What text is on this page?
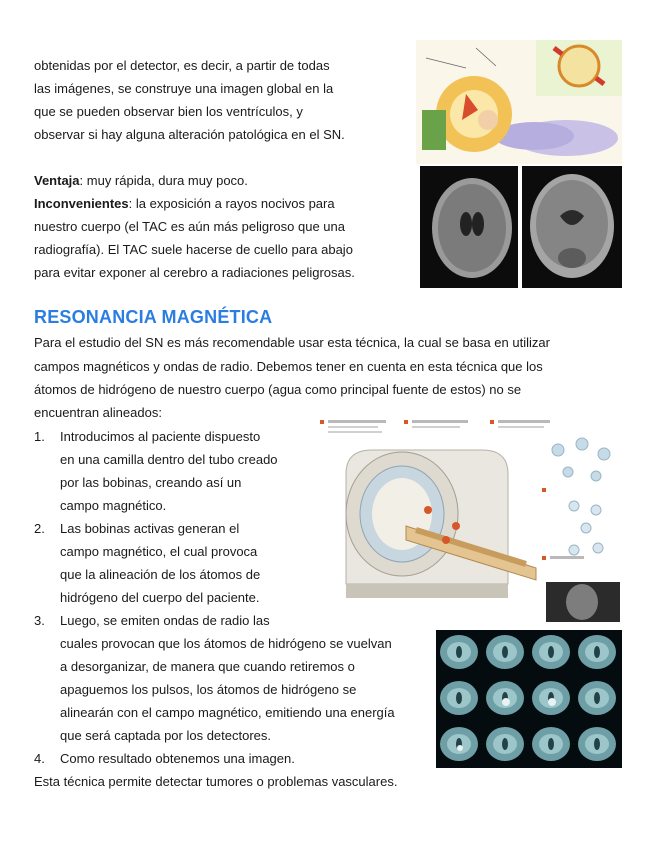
obtenidas por el detector, es decir, a partir de todas

las imágenes, se construye una imagen global en la

que se pueden observar bien los ventrículos, y

observar si hay alguna alteración patológica en el SN.

Ventaja: muy rápida, dura muy poco.

Inconvenientes: la exposición a rayos nocivos para

nuestro cuerpo (el TAC es aún más peligroso que una

radiografía). El TAC suele hacerse de cuello para abajo

para evitar exponer al cerebro a radiaciones peligrosas.

RESONANCIA MAGNÉTICA

Para el estudio del SN es más recomendable usar esta técnica, la cual se basa en utilizar

campos magnéticos y ondas de radio. Debemos tener en cuenta en esta técnica que los

átomos de hidrógeno de nuestro cuerpo (agua como principal fuente de estos) no se

encuentran alineados:

1. Introducimos al paciente dispuesto
en una camilla dentro del tubo creado
por las bobinas, creando así un
campo magnético.
2. Las bobinas activas generan el
campo magnético, el cual provoca
que la alineación de los átomos de
hidrógeno del cuerpo del paciente.
3. Luego, se emiten ondas de radio las
cuales provocan que los átomos de hidrógeno se vuelvan
a desorganizar, de manera que cuando retiremos o
apaguemos los pulsos, los átomos de hidrógeno se
alinearán con el campo magnético, emitiendo una energía
que será captada por los detectores.
4. Como resultado obtenemos una imagen.

Esta técnica permite detectar tumores o problemas vasculares.
